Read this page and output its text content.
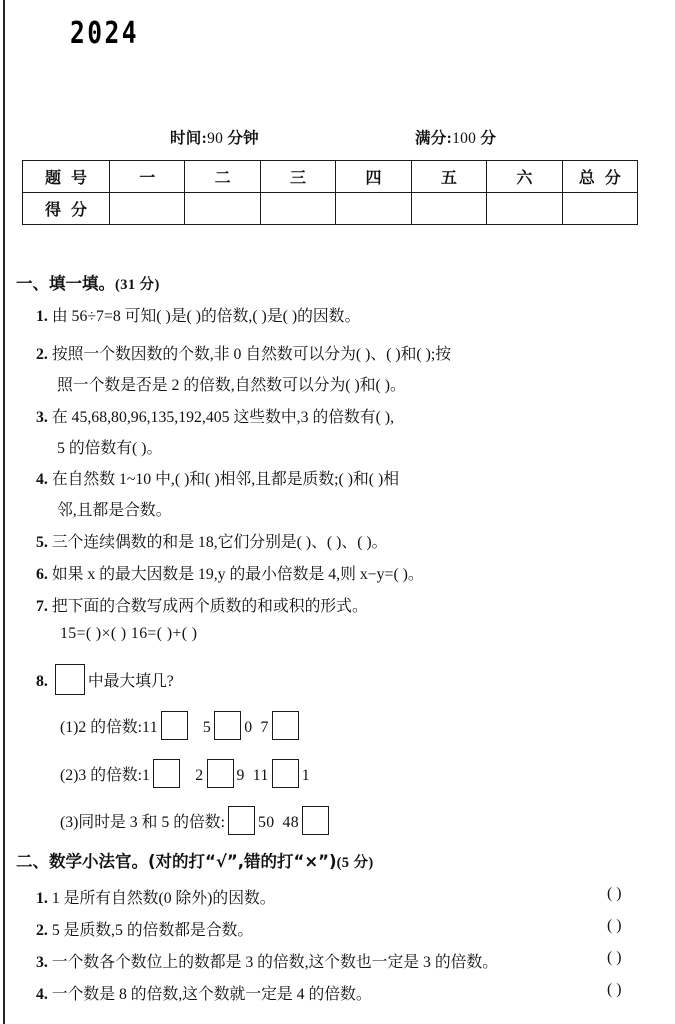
2024
时间:90 分钟	满分:100 分
题 号	一	二	三	四	五	六	总 分
得 分							
一、填一填。(31 分)
1. 由 56÷7=8 可知( )是( )的倍数,( )是( )的因数。
2. 按照一个数因数的个数,非 0 自然数可以分为( )、( )和( );按
照一个数是否是 2 的倍数,自然数可以分为( )和( )。
3. 在 45,68,80,96,135,192,405 这些数中,3 的倍数有( ),
5 的倍数有( )。
4. 在自然数 1~10 中,( )和( )相邻,且都是质数;( )和( )相
邻,且都是合数。
5. 三个连续偶数的和是 18,它们分别是( )、( )、( )。
6. 如果 x 的最大因数是 19,y 的最小倍数是 4,则 x−y=( )。
7. 把下面的合数写成两个质数的和或积的形式。
15=( )×( ) 16=( )+( )
8.	中最大填几?
(1)2 的倍数:11	5 0 7
(2)3 的倍数:1	2 9 11 1
(3)同时是 3 和 5 的倍数: 50 48
二、数学小法官。(对的打“√”,错的打“×”)(5 分)
1. 1 是所有自然数(0 除外)的因数。	( )
2. 5 是质数,5 的倍数都是合数。	( )
3. 一个数各个数位上的数都是 3 的倍数,这个数也一定是 3 的倍数。	( )
4. 一个数是 8 的倍数,这个数就一定是 4 的倍数。	( )
